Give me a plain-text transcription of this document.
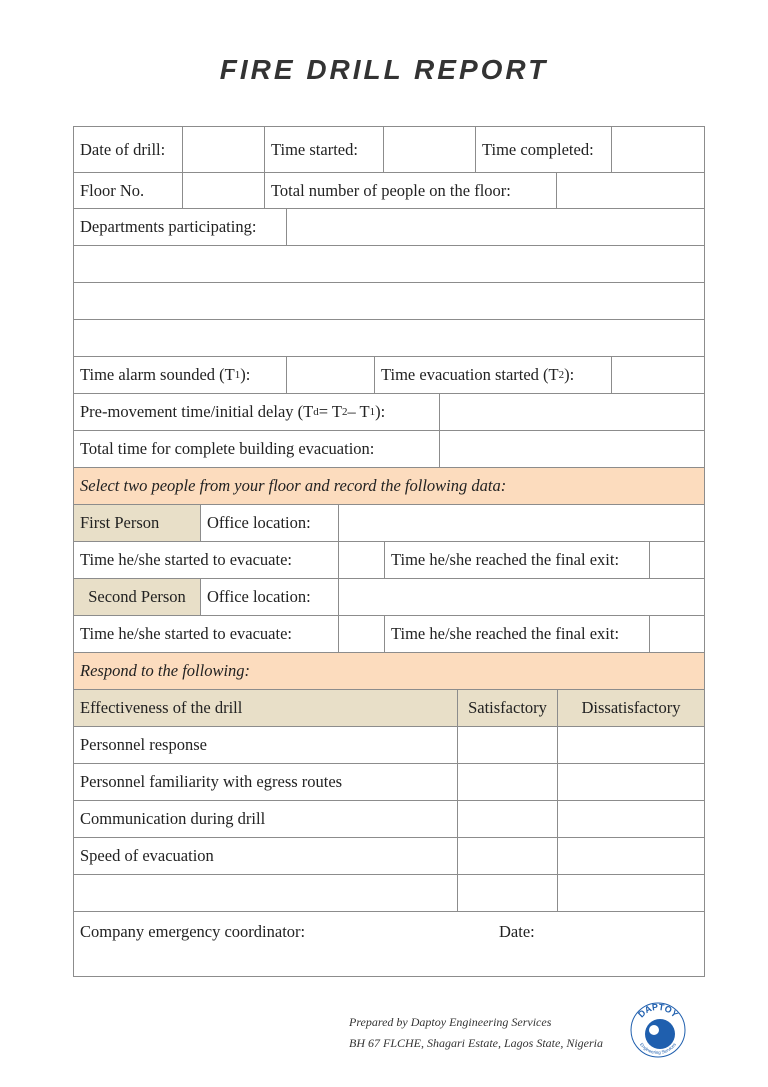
FIRE DRILL REPORT
Date of drill:	Time started:	Time completed:
Floor No.	Total number of people on the floor:
Departments participating:
Time alarm sounded (T 1 ):	Time evacuation started (T 2 ):
Pre-movement time/initial delay (T d = T 2 – T 1 ):
Total time for complete building evacuation:
Select two people from your floor and record the following data:
First Person	Office location:
Time he/she started to evacuate:	Time he/she reached the final exit:
Second Person	Office location:
Time he/she started to evacuate:	Time he/she reached the final exit:
Respond to the following:
Effectiveness of the drill	Satisfactory	Dissatisfactory
Personnel response
Personnel familiarity with egress routes
Communication during drill
Speed of evacuation
Company emergency coordinator:	Date:
Prepared by Daptoy Engineering Services
BH 67 FLCHE, Shagari Estate, Lagos State, Nigeria
DAPTOY
Engineering Services
